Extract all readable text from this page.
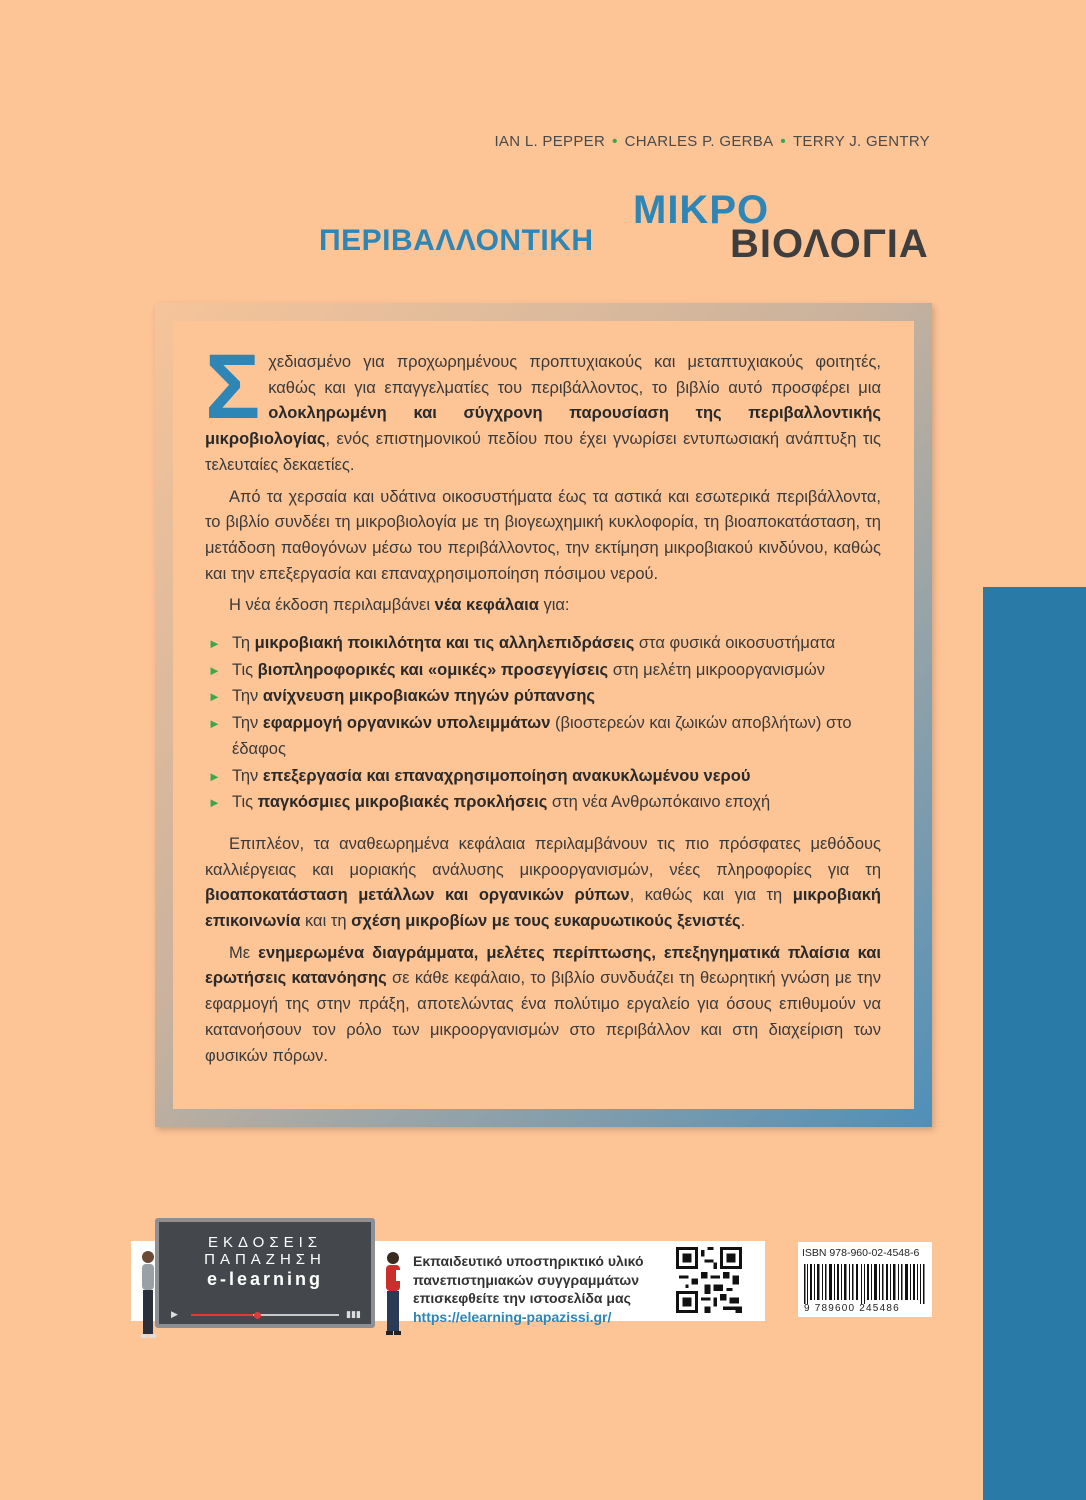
IAN L. PEPPER • CHARLES P. GERBA • TERRY J. GENTRY
ΠΕΡΙΒΑΛΛΟΝΤΙΚΗ
ΜΙΚΡΟ
ΒΙΟΛΟΓΙΑ

Σχεδιασμένο για προχωρημένους προπτυχιακούς και μεταπτυχιακούς φοιτητές, καθώς και για επαγγελματίες του περιβάλλοντος, το βιβλίο αυτό προσφέρει μια ολοκληρωμένη και σύγχρονη παρουσίαση της περιβαλλοντικής μικροβιολογίας, ενός επιστημονικού πεδίου που έχει γνωρίσει εντυπωσιακή ανάπτυξη τις τελευταίες δεκαετίες.

Από τα χερσαία και υδάτινα οικοσυστήματα έως τα αστικά και εσωτερικά περιβάλλοντα, το βιβλίο συνδέει τη μικροβιολογία με τη βιογεωχημική κυκλοφορία, τη βιοαποκατάσταση, τη μετάδοση παθογόνων μέσω του περιβάλλοντος, την εκτίμηση μικροβιακού κινδύνου, καθώς και την επεξεργασία και επαναχρησιμοποίηση πόσιμου νερού.

Η νέα έκδοση περιλαμβάνει νέα κεφάλαια για:

► Τη μικροβιακή ποικιλότητα και τις αλληλεπιδράσεις στα φυσικά οικοσυστήματα
► Τις βιοπληροφορικές και «ομικές» προσεγγίσεις στη μελέτη μικροοργανισμών
► Την ανίχνευση μικροβιακών πηγών ρύπανσης
► Την εφαρμογή οργανικών υπολειμμάτων (βιοστερεών και ζωικών αποβλήτων) στο έδαφος
► Την επεξεργασία και επαναχρησιμοποίηση ανακυκλωμένου νερού
► Τις παγκόσμιες μικροβιακές προκλήσεις στη νέα Ανθρωπόκαινο εποχή

Επιπλέον, τα αναθεωρημένα κεφάλαια περιλαμβάνουν τις πιο πρόσφατες μεθόδους καλλιέργειας και μοριακής ανάλυσης μικροοργανισμών, νέες πληροφορίες για τη βιοαποκατάσταση μετάλλων και οργανικών ρύπων, καθώς και για τη μικροβιακή επικοινωνία και τη σχέση μικροβίων με τους ευκαρυωτικούς ξενιστές.

Με ενημερωμένα διαγράμματα, μελέτες περίπτωσης, επεξηγηματικά πλαίσια και ερωτήσεις κατανόησης σε κάθε κεφάλαιο, το βιβλίο συνδυάζει τη θεωρητική γνώση με την εφαρμογή της στην πράξη, αποτελώντας ένα πολύτιμο εργαλείο για όσους επιθυμούν να κατανοήσουν τον ρόλο των μικροοργανισμών στο περιβάλλον και στη διαχείριση των φυσικών πόρων.

ΕΚΔΟΣΕΙΣ
ΠΑΠΑΖΗΣΗ
e-learning
▶	▮▮▮
Εκπαιδευτικό υποστηρικτικό υλικό
πανεπιστημιακών συγγραμμάτων
επισκεφθείτε την ιστοσελίδα μας
https://elearning-papazissi.gr/
ISBN 978-960-02-4548-6
9 789600 245486
